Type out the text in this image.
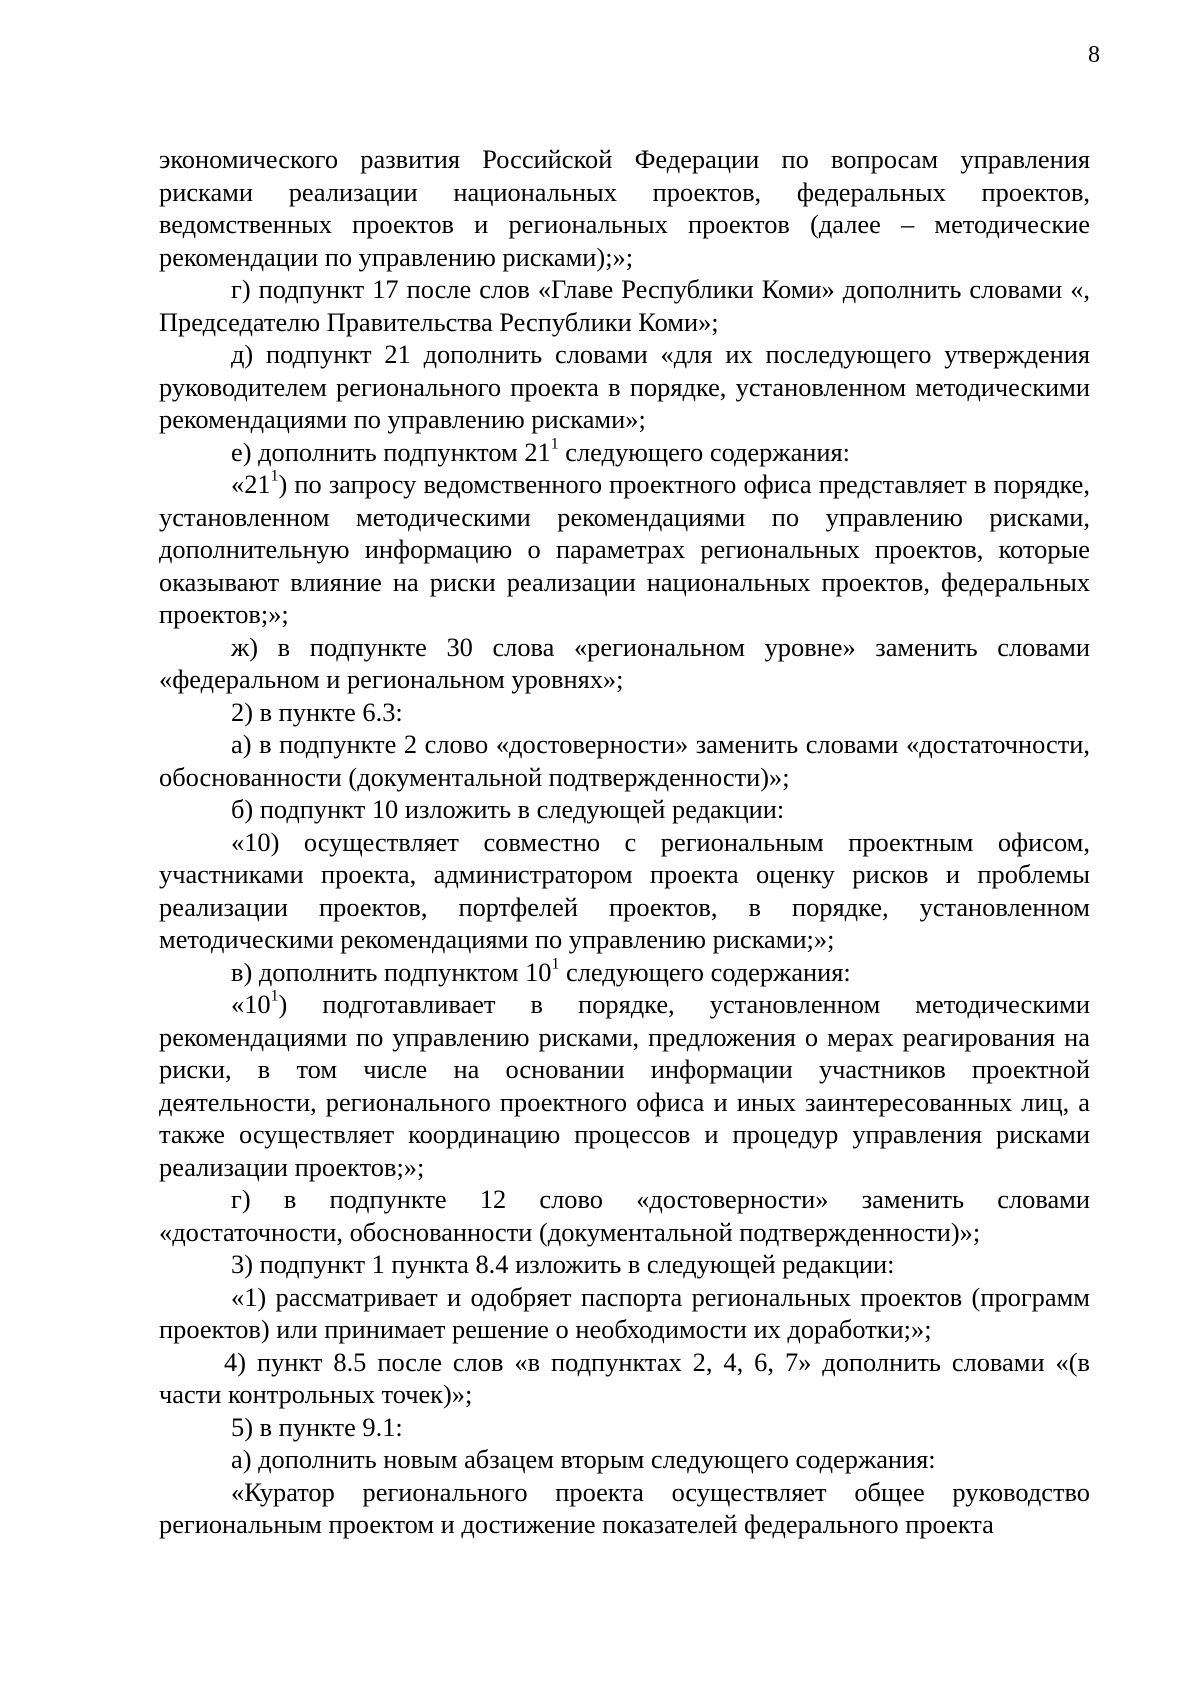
8

экономического развития Российской Федерации по вопросам управления рисками реализации национальных проектов, федеральных проектов, ведомственных проектов и региональных проектов (далее – методические рекомендации по управлению рисками);»;

г) подпункт 17 после слов «Главе Республики Коми» дополнить словами «, Председателю Правительства Республики Коми»;

д) подпункт 21 дополнить словами «для их последующего утверждения руководителем регионального проекта в порядке, установленном методическими рекомендациями по управлению рисками»;

е) дополнить подпунктом $21^1$ следующего содержания:

«$21^1$) по запросу ведомственного проектного офиса представляет в порядке, установленном методическими рекомендациями по управлению рисками, дополнительную информацию о параметрах региональных проектов, которые оказывают влияние на риски реализации национальных проектов, федеральных проектов;»;

ж) в подпункте 30 слова «региональном уровне» заменить словами «федеральном и региональном уровнях»;

2) в пункте 6.3:

а) в подпункте 2 слово «достоверности» заменить словами «достаточности, обоснованности (документальной подтвержденности)»;

б) подпункт 10 изложить в следующей редакции:

«10) осуществляет совместно с региональным проектным офисом, участниками проекта, администратором проекта оценку рисков и проблемы реализации проектов, портфелей проектов, в порядке, установленном методическими рекомендациями по управлению рисками;»;

в) дополнить подпунктом $10^1$ следующего содержания:

«$10^1$) подготавливает в порядке, установленном методическими рекомендациями по управлению рисками, предложения о мерах реагирования на риски, в том числе на основании информации участников проектной деятельности, регионального проектного офиса и иных заинтересованных лиц, а также осуществляет координацию процессов и процедур управления рисками реализации проектов;»;

г) в подпункте 12 слово «достоверности» заменить словами «достаточности, обоснованности (документальной подтвержденности)»;

3) подпункт 1 пункта 8.4 изложить в следующей редакции:

«1) рассматривает и одобряет паспорта региональных проектов (программ проектов) или принимает решение о необходимости их доработки;»;

4) пункт 8.5 после слов «в подпунктах 2, 4, 6, 7» дополнить словами «(в части контрольных точек)»;

5) в пункте 9.1:

а) дополнить новым абзацем вторым следующего содержания:

«Куратор регионального проекта осуществляет общее руководство региональным проектом и достижение показателей федерального проекта
